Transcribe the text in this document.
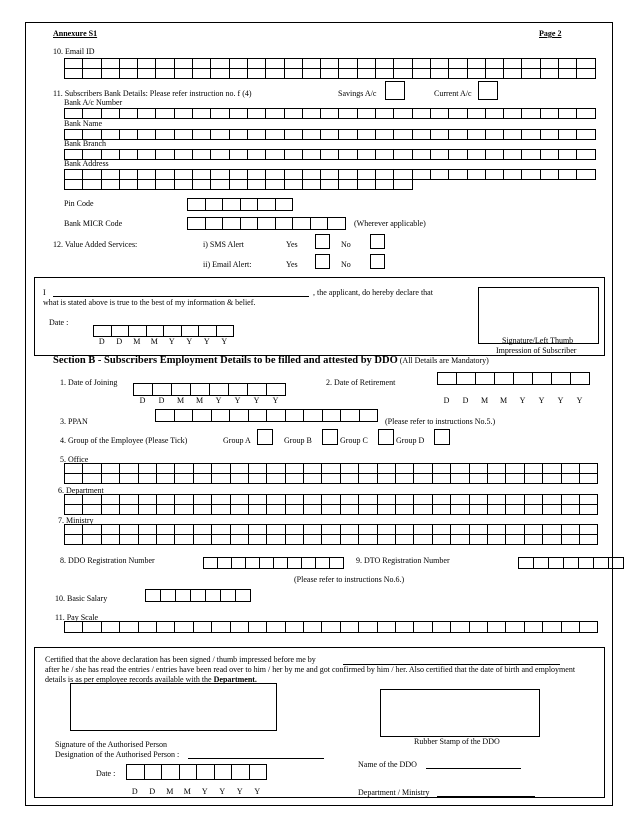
Annexure S1	Page 2
10. Email ID
11. Subscribers Bank Details: Please refer instruction no. f (4)	Savings A/c	Current A/c
Bank A/c Number
Bank Name
Bank Branch
Bank Address
Pin Code
Bank MICR Code	(Wherever applicable)
12. Value Added Services:	i) SMS Alert	Yes	No
ii) Email Alert:	Yes	No
I	, the applicant, do hereby declare that
what is stated above is true to the best of my information & belief.
Date :
D	D	M	M	Y	Y	Y	Y	Signature/Left Thumb
Impression of Subscriber
Section B - Subscribers Employment Details to be filled and attested by DDO (All Details are Mandatory)
1. Date of Joining
D	D	M	M	Y	Y	Y	Y
2. Date of Retirement
D	D	M	M	Y	Y	Y	Y
3. PPAN	(Please refer to instructions No.5.)
4. Group of the Employee (Please Tick)	Group A	Group B	Group C	Group D
5. Office
6. Department
7. Ministry
8. DDO Registration Number	9. DTO Registration Number
(Please refer to instructions No.6.)
10. Basic Salary
11. Pay Scale
Certified that the above declaration has been signed / thumb impressed before me by
after he / she has read the entries / entries have been read over to him / her by me and got confirmed by him / her. Also certified that the date of birth and employment
details is as per employee records available with the Department.
Rubber Stamp of the DDO
Signature of the Authorised Person
Designation of the Authorised Person :
Name of the DDO
Date :
D	D	M	M	Y	Y	Y	Y	Department / Ministry
